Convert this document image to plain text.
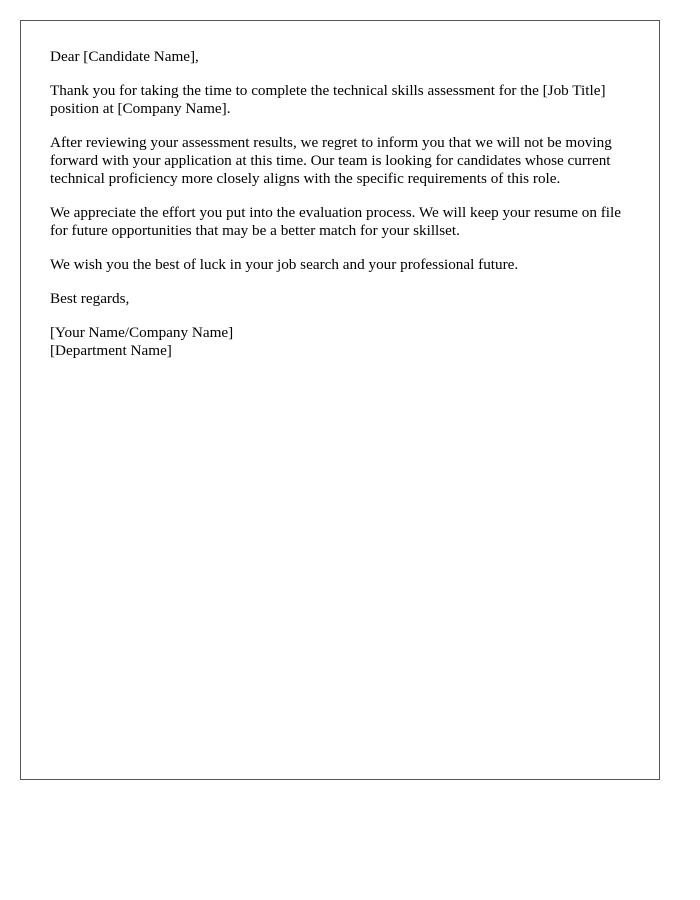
Dear [Candidate Name],

Thank you for taking the time to complete the technical skills assessment for the [Job Title] position at [Company Name].

After reviewing your assessment results, we regret to inform you that we will not be moving forward with your application at this time. Our team is looking for candidates whose current technical proficiency more closely aligns with the specific requirements of this role.

We appreciate the effort you put into the evaluation process. We will keep your resume on file for future opportunities that may be a better match for your skillset.

We wish you the best of luck in your job search and your professional future.

Best regards,

[Your Name/Company Name]
[Department Name]
